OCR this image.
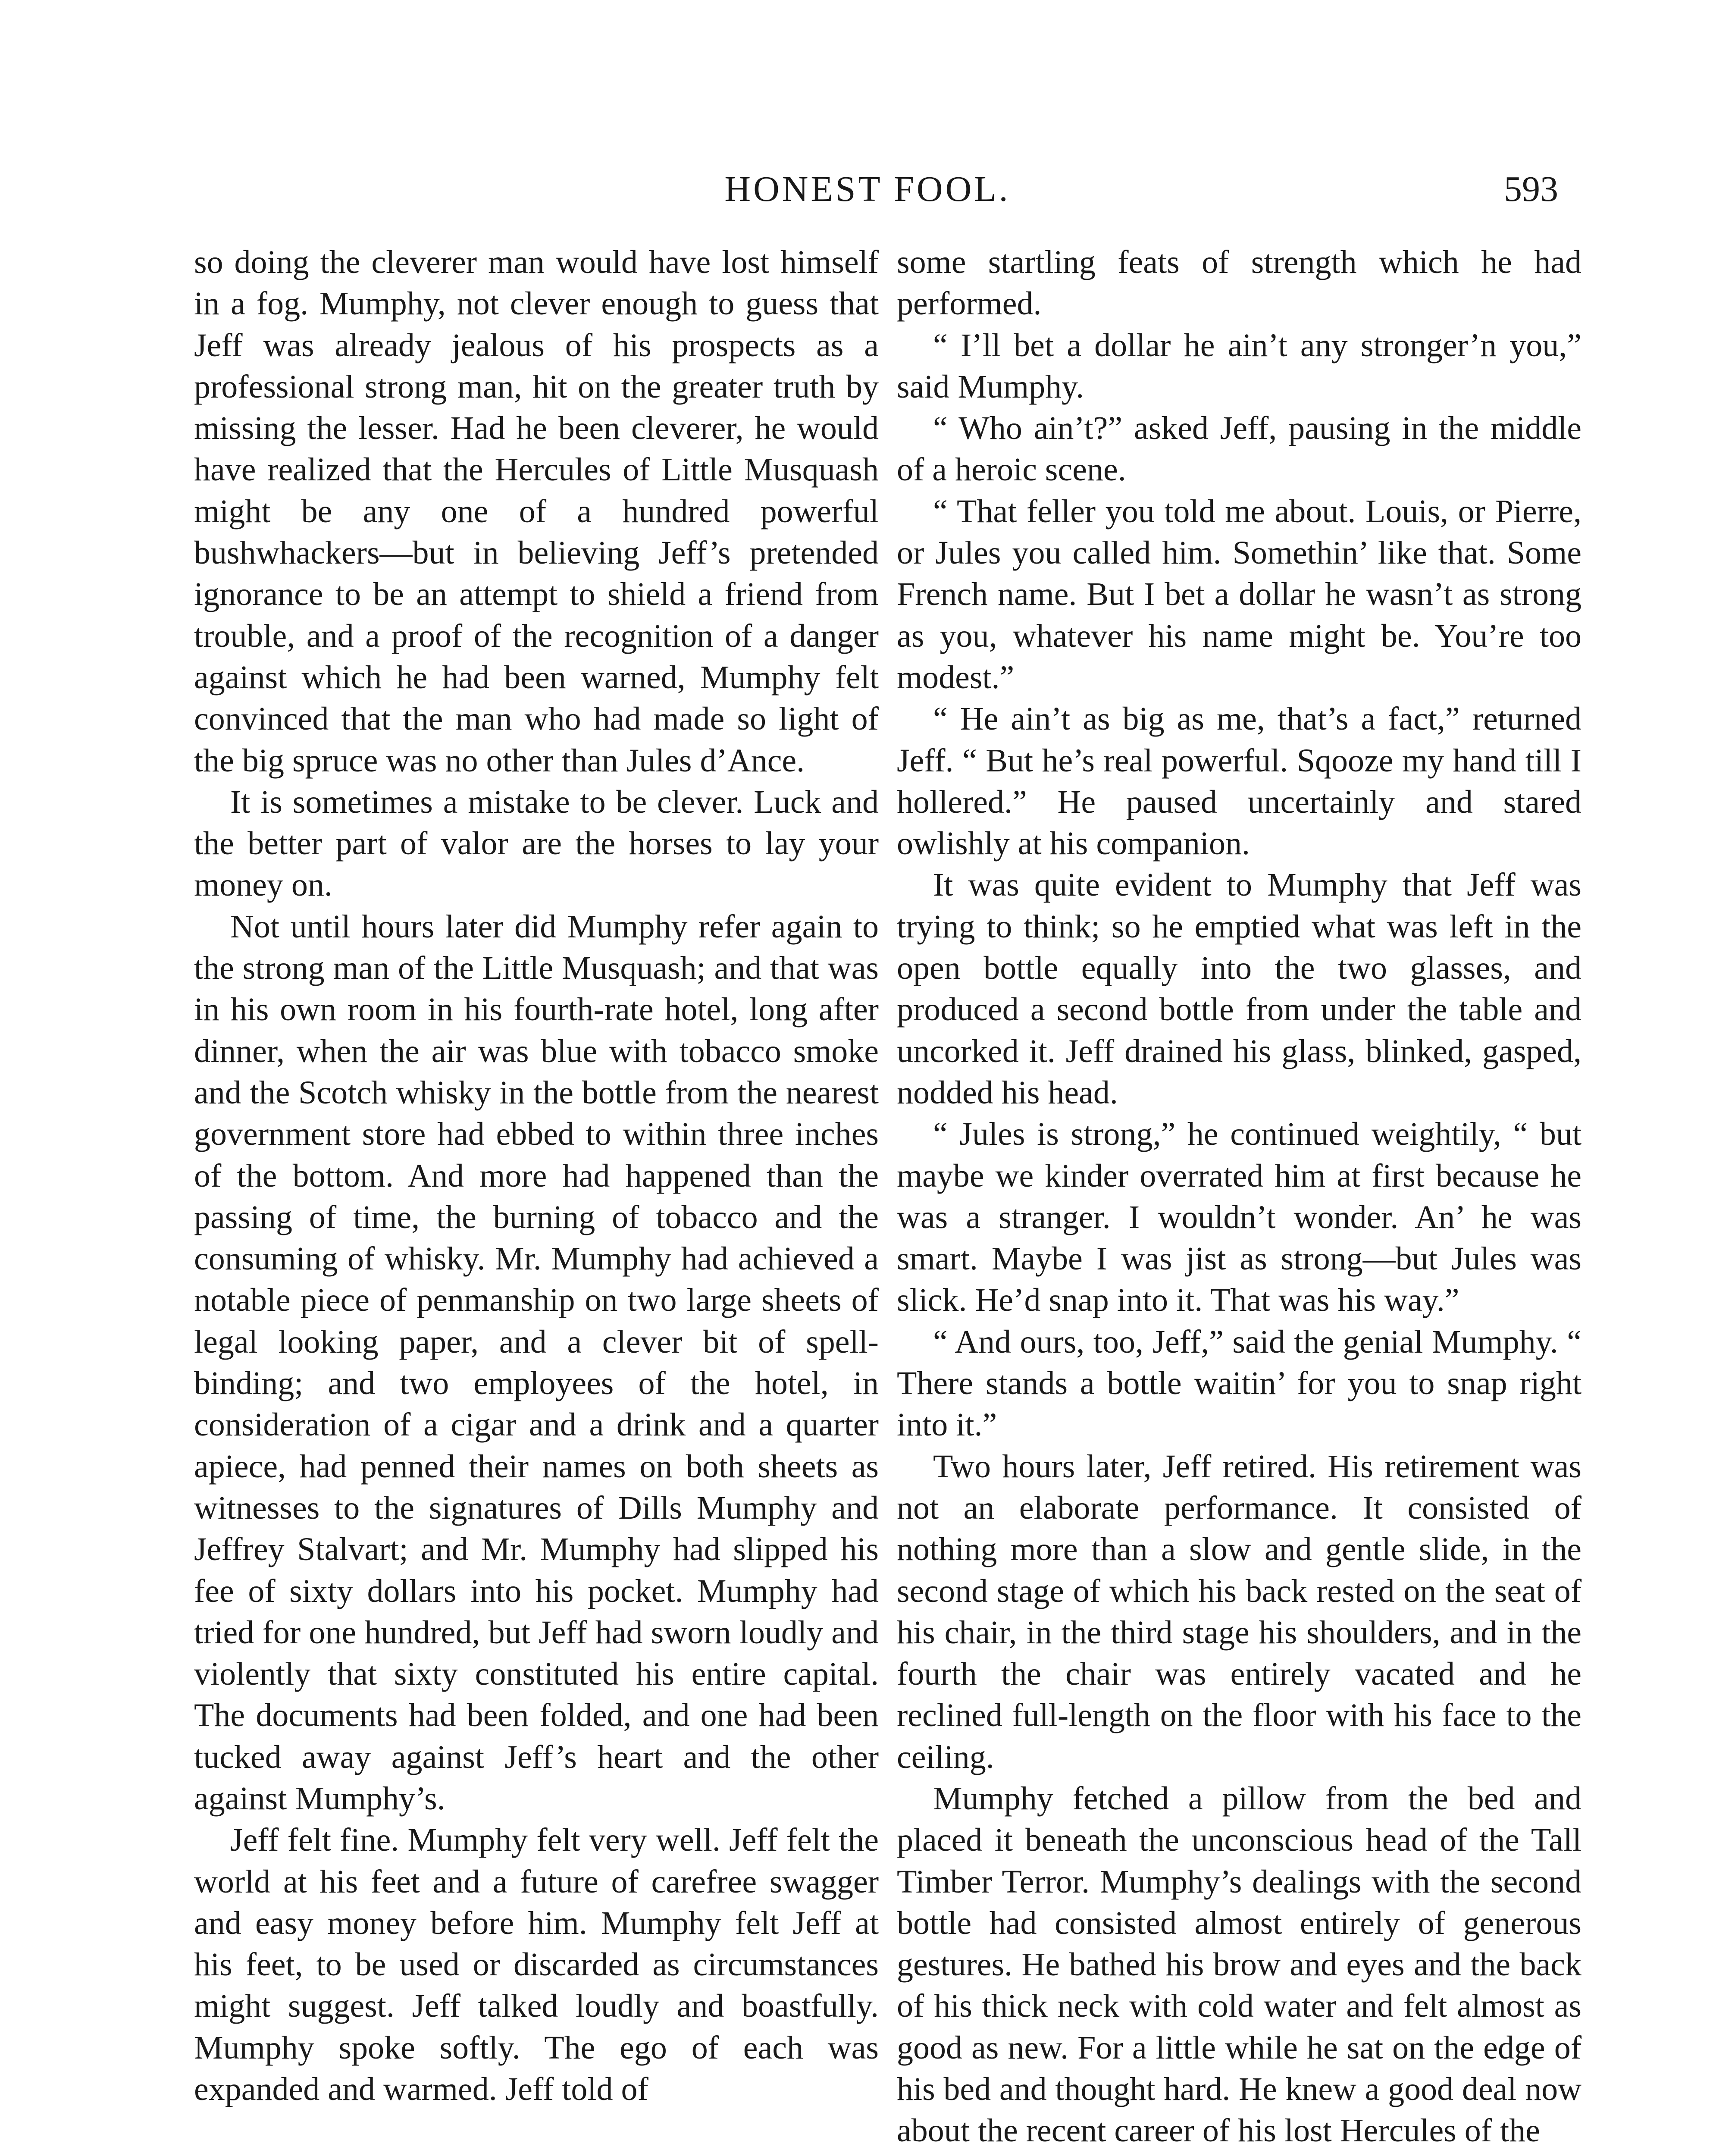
HONEST FOOL.	593

so doing the cleverer man would have lost himself in a fog. Mumphy, not clever enough to guess that Jeff was already jealous of his prospects as a professional strong man, hit on the greater truth by missing the lesser. Had he been cleverer, he would have realized that the Hercules of Little Musquash might be any one of a hundred powerful bushwhackers—but in believing Jeff’s pretended ignorance to be an attempt to shield a friend from trouble, and a proof of the recognition of a danger against which he had been warned, Mumphy felt convinced that the man who had made so light of the big spruce was no other than Jules d’Ance.

It is sometimes a mistake to be clever. Luck and the better part of valor are the horses to lay your money on.

Not until hours later did Mumphy refer again to the strong man of the Little Musquash; and that was in his own room in his fourth-rate hotel, long after dinner, when the air was blue with tobacco smoke and the Scotch whisky in the bottle from the nearest government store had ebbed to within three inches of the bottom. And more had happened than the passing of time, the burning of tobacco and the consuming of whisky. Mr. Mumphy had achieved a notable piece of penmanship on two large sheets of legal looking paper, and a clever bit of spell-binding; and two employees of the hotel, in consideration of a cigar and a drink and a quarter apiece, had penned their names on both sheets as witnesses to the signatures of Dills Mumphy and Jeffrey Stalvart; and Mr. Mumphy had slipped his fee of sixty dollars into his pocket. Mumphy had tried for one hundred, but Jeff had sworn loudly and violently that sixty constituted his entire capital. The documents had been folded, and one had been tucked away against Jeff’s heart and the other against Mumphy’s.

Jeff felt fine. Mumphy felt very well. Jeff felt the world at his feet and a future of carefree swagger and easy money before him. Mumphy felt Jeff at his feet, to be used or discarded as circumstances might suggest. Jeff talked loudly and boastfully. Mumphy spoke softly. The ego of each was expanded and warmed. Jeff told of

some startling feats of strength which he had performed.

“ I’ll bet a dollar he ain’t any stronger’n you,” said Mumphy.

“ Who ain’t?” asked Jeff, pausing in the middle of a heroic scene.

“ That feller you told me about. Louis, or Pierre, or Jules you called him. Somethin’ like that. Some French name. But I bet a dollar he wasn’t as strong as you, whatever his name might be. You’re too modest.”

“ He ain’t as big as me, that’s a fact,” returned Jeff. “ But he’s real powerful. Sqooze my hand till I hollered.” He paused uncertainly and stared owlishly at his companion.

It was quite evident to Mumphy that Jeff was trying to think; so he emptied what was left in the open bottle equally into the two glasses, and produced a second bottle from under the table and uncorked it. Jeff drained his glass, blinked, gasped, nodded his head.

“ Jules is strong,” he continued weightily, “ but maybe we kinder overrated him at first because he was a stranger. I wouldn’t wonder. An’ he was smart. Maybe I was jist as strong—but Jules was slick. He’d snap into it. That was his way.”

“ And ours, too, Jeff,” said the genial Mumphy. “ There stands a bottle waitin’ for you to snap right into it.”

Two hours later, Jeff retired. His retirement was not an elaborate performance. It consisted of nothing more than a slow and gentle slide, in the second stage of which his back rested on the seat of his chair, in the third stage his shoulders, and in the fourth the chair was entirely vacated and he reclined full-length on the floor with his face to the ceiling.

Mumphy fetched a pillow from the bed and placed it beneath the unconscious head of the Tall Timber Terror. Mumphy’s dealings with the second bottle had consisted almost entirely of generous gestures. He bathed his brow and eyes and the back of his thick neck with cold water and felt almost as good as new. For a little while he sat on the edge of his bed and thought hard. He knew a good deal now about the recent career of his lost Hercules of the
